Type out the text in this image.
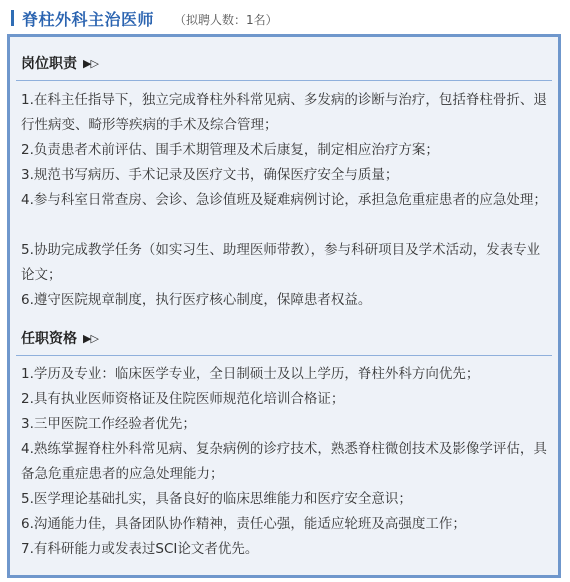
脊柱外科主治医师 （拟聘人数：1名）
岗位职责 ▶▷
1.在科主任指导下，独立完成脊柱外科常见病、多发病的诊断与治疗，包括脊柱骨折、退行性病变、畸形等疾病的手术及综合管理；
2.负责患者术前评估、围手术期管理及术后康复，制定相应治疗方案；
3.规范书写病历、手术记录及医疗文书，确保医疗安全与质量；
4.参与科室日常查房、会诊、急诊值班及疑难病例讨论，承担急危重症患者的应急处理；
5.协助完成教学任务（如实习生、助理医师带教），参与科研项目及学术活动，发表专业论文；
6.遵守医院规章制度，执行医疗核心制度，保障患者权益。
任职资格 ▶▷
1.学历及专业：临床医学专业，全日制硕士及以上学历，脊柱外科方向优先；
2.具有执业医师资格证及住院医师规范化培训合格证；
3.三甲医院工作经验者优先；
4.熟练掌握脊柱外科常见病、复杂病例的诊疗技术，熟悉脊柱微创技术及影像学评估，具备急危重症患者的应急处理能力；
5.医学理论基础扎实，具备良好的临床思维能力和医疗安全意识；
6.沟通能力佳，具备团队协作精神，责任心强，能适应轮班及高强度工作；
7.有科研能力或发表过SCI论文者优先。
